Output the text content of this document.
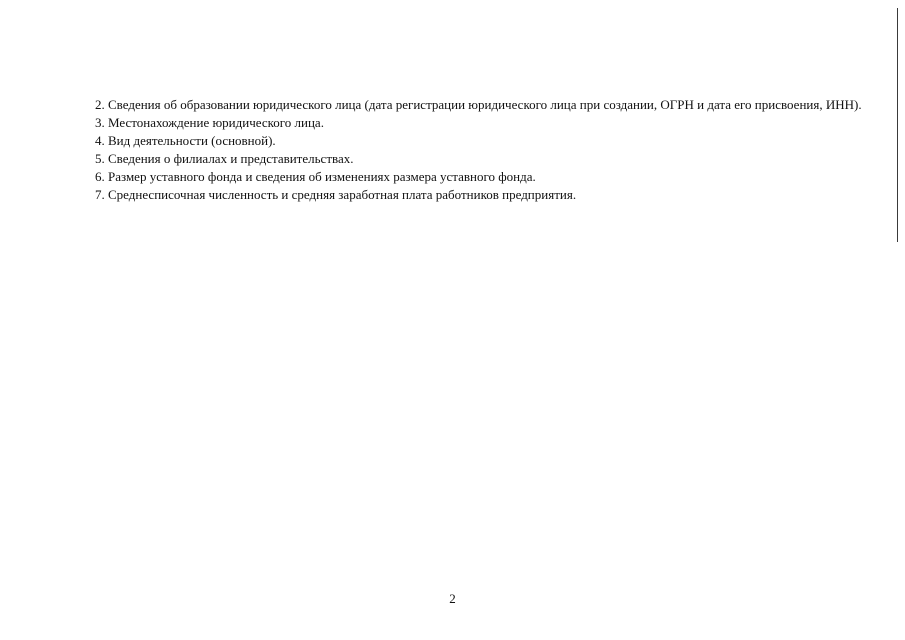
2. Сведения об образовании юридического лица (дата регистрации юридического лица при создании, ОГРН и дата его присвоения, ИНН).

3. Местонахождение юридического лица.

4. Вид деятельности (основной).

5. Сведения о филиалах и представительствах.

6. Размер уставного фонда и сведения об изменениях размера уставного фонда.

7. Среднесписочная численность и средняя заработная плата работников предприятия.

2
